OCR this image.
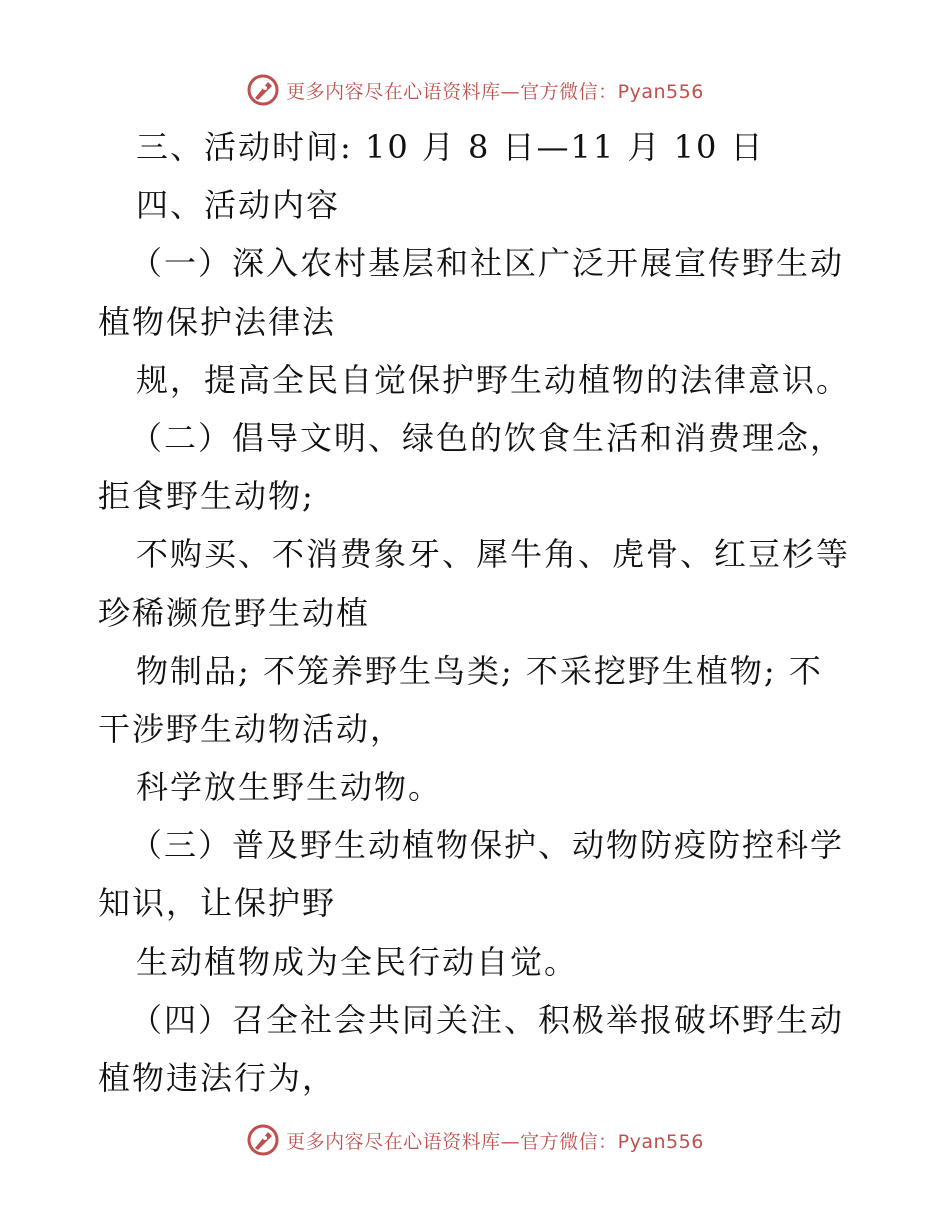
更多内容尽在心语资料库—官方微信：Pyan556
三、活动时间: 10 月 8 日—11 月 10 日
四、活动内容
（一）深入农村基层和社区广泛开展宣传野生动
植物保护法律法
规，提高全民自觉保护野生动植物的法律意识。
（二）倡导文明、绿色的饮食生活和消费理念，
拒食野生动物;
不购买、不消费象牙、犀牛角、虎骨、红豆杉等
珍稀濒危野生动植
物制品; 不笼养野生鸟类; 不采挖野生植物; 不
干涉野生动物活动，
科学放生野生动物。
（三）普及野生动植物保护、动物防疫防控科学
知识，让保护野
生动植物成为全民行动自觉。
（四）召全社会共同关注、积极举报破坏野生动
植物违法行为，
更多内容尽在心语资料库—官方微信：Pyan556
